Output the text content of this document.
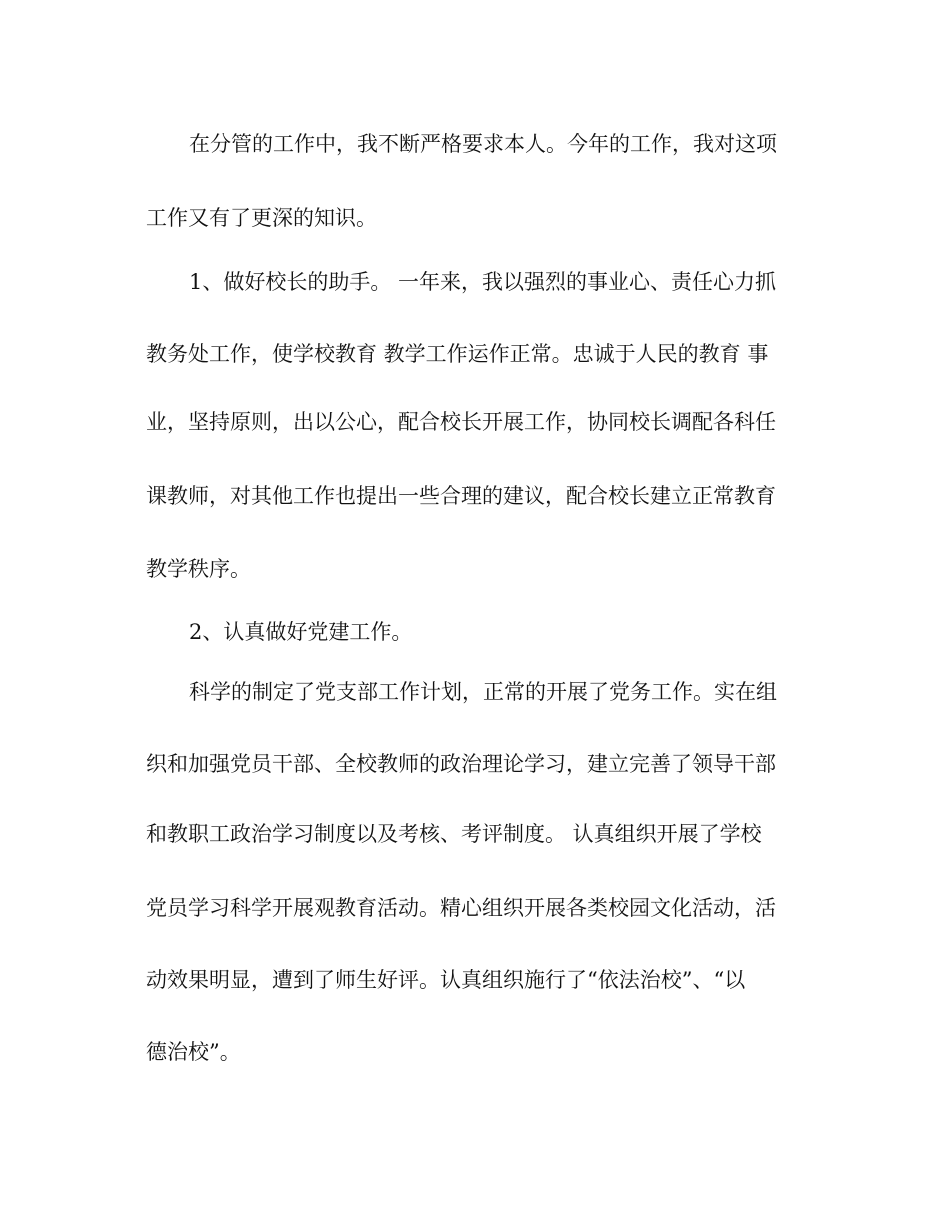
在分管的工作中，我不断严格要求本人。今年的工作，我对这项
工作又有了更深的知识。
1、做好校长的助手。 一年来，我以强烈的事业心、责任心力抓
教务处工作，使学校教育 教学工作运作正常。忠诚于人民的教育 事
业，坚持原则，出以公心，配合校长开展工作，协同校长调配各科任
课教师，对其他工作也提出一些合理的建议，配合校长建立正常教育
教学秩序。
2、认真做好党建工作。
科学的制定了党支部工作计划，正常的开展了党务工作。实在组
织和加强党员干部、全校教师的政治理论学习，建立完善了领导干部
和教职工政治学习制度以及考核、考评制度。 认真组织开展了学校
党员学习科学开展观教育活动。精心组织开展各类校园文化活动，活
动效果明显，遭到了师生好评。认真组织施行了“依法治校”、“以
德治校”。
